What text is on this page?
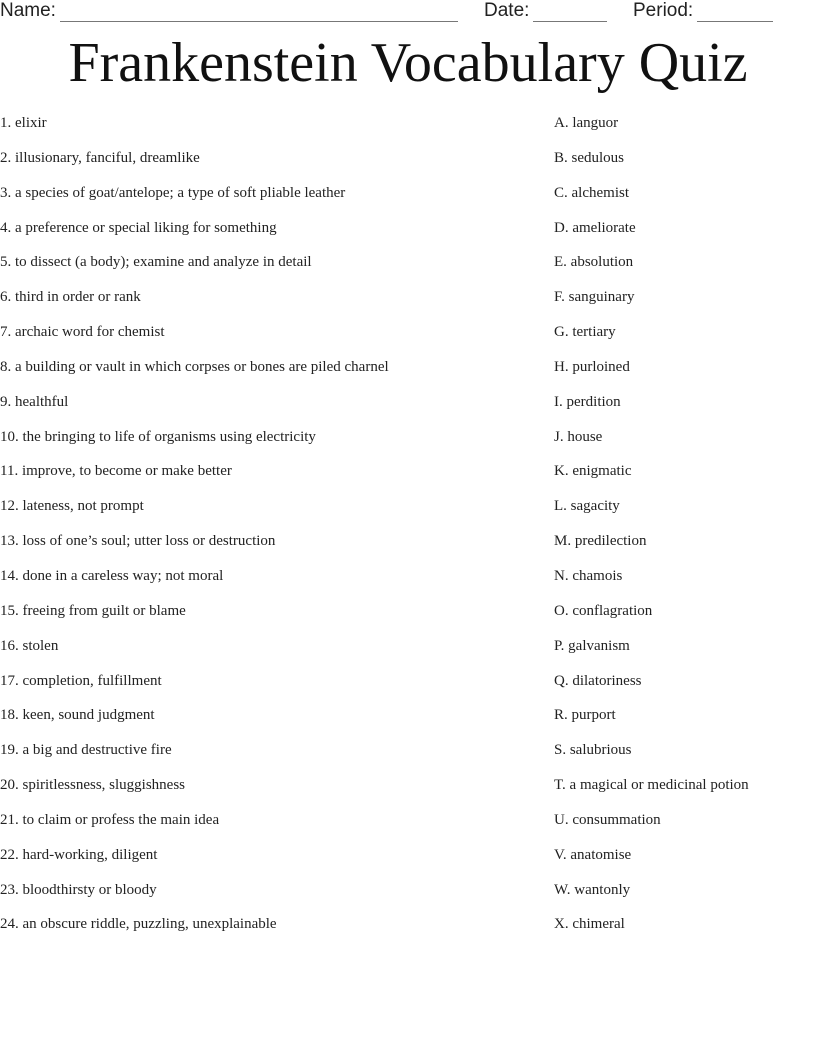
Name:	Date:	Period:
Frankenstein Vocabulary Quiz
1. elixir
2. illusionary, fanciful, dreamlike
3. a species of goat/antelope; a type of soft pliable leather
4. a preference or special liking for something
5. to dissect (a body); examine and analyze in detail
6. third in order or rank
7. archaic word for chemist
8. a building or vault in which corpses or bones are piled charnel
9. healthful
10. the bringing to life of organisms using electricity
11. improve, to become or make better
12. lateness, not prompt
13. loss of one’s soul; utter loss or destruction
14. done in a careless way; not moral
15. freeing from guilt or blame
16. stolen
17. completion, fulfillment
18. keen, sound judgment
19. a big and destructive fire
20. spiritlessness, sluggishness
21. to claim or profess the main idea
22. hard-working, diligent
23. bloodthirsty or bloody
24. an obscure riddle, puzzling, unexplainable
A. languor
B. sedulous
C. alchemist
D. ameliorate
E. absolution
F. sanguinary
G. tertiary
H. purloined
I. perdition
J. house
K. enigmatic
L. sagacity
M. predilection
N. chamois
O. conflagration
P. galvanism
Q. dilatoriness
R. purport
S. salubrious
T. a magical or medicinal potion
U. consummation
V. anatomise
W. wantonly
X. chimeral
